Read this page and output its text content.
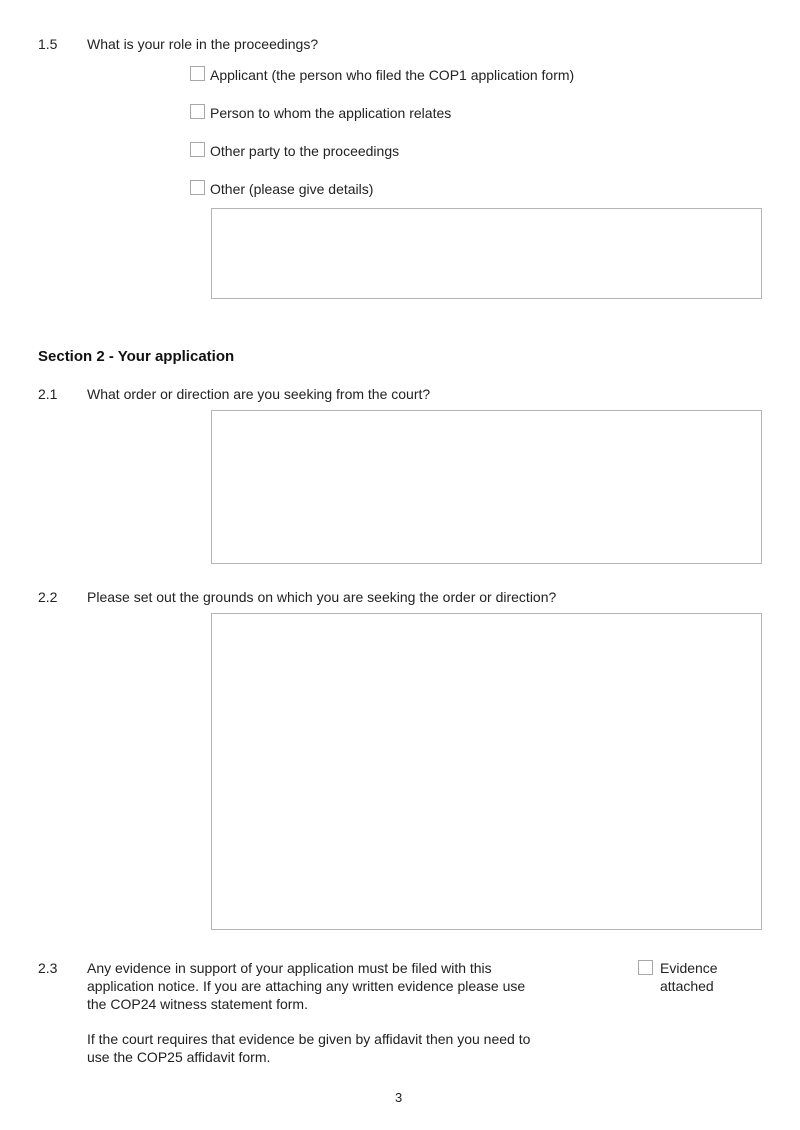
1.5 What is your role in the proceedings?
Applicant (the person who filed the COP1 application form)
Person to whom the application relates
Other party to the proceedings
Other (please give details)
Section 2 - Your application
2.1 What order or direction are you seeking from the court?
2.2 Please set out the grounds on which you are seeking the order or direction?
2.3 Any evidence in support of your application must be filed with this
application notice. If you are attaching any written evidence please use
the COP24 witness statement form.
If the court requires that evidence be given by affidavit then you need to
use the COP25 affidavit form.
Evidence
attached
3
